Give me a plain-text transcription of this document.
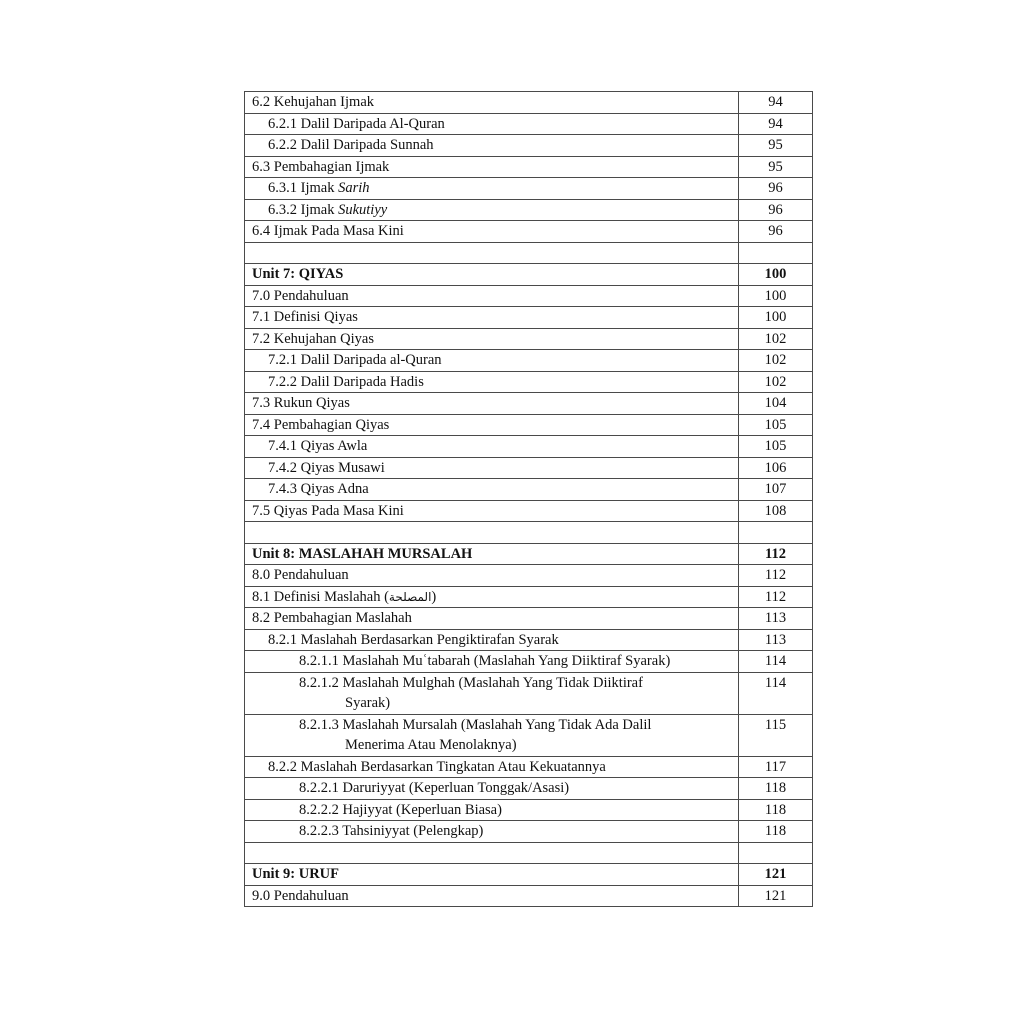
6.2 Kehujahan Ijmak	94
6.2.1 Dalil Daripada Al-Quran	94
6.2.2 Dalil Daripada Sunnah	95
6.3 Pembahagian Ijmak	95
6.3.1 Ijmak Sarih	96
6.3.2 Ijmak Sukutiyy	96
6.4 Ijmak Pada Masa Kini	96

Unit 7: QIYAS	100
7.0 Pendahuluan	100
7.1 Definisi Qiyas	100
7.2 Kehujahan Qiyas	102
7.2.1 Dalil Daripada al-Quran	102
7.2.2 Dalil Daripada Hadis	102
7.3 Rukun Qiyas	104
7.4 Pembahagian Qiyas	105
7.4.1 Qiyas Awla	105
7.4.2 Qiyas Musawi	106
7.4.3 Qiyas Adna	107
7.5 Qiyas Pada Masa Kini	108

Unit 8: MASLAHAH MURSALAH	112
8.0 Pendahuluan	112
8.1 Definisi Maslahah (المصلحة)	112
8.2 Pembahagian Maslahah	113
8.2.1 Maslahah Berdasarkan Pengiktirafan Syarak	113
8.2.1.1 Maslahah Muʿtabarah (Maslahah Yang Diiktiraf Syarak)	114
8.2.1.2 Maslahah Mulghah (Maslahah Yang Tidak Diiktiraf
Syarak)	114
8.2.1.3 Maslahah Mursalah (Maslahah Yang Tidak Ada Dalil
Menerima Atau Menolaknya)	115
8.2.2 Maslahah Berdasarkan Tingkatan Atau Kekuatannya	117
8.2.2.1 Daruriyyat (Keperluan Tonggak/Asasi)	118
8.2.2.2 Hajiyyat (Keperluan Biasa)	118
8.2.2.3 Tahsiniyyat (Pelengkap)	118

Unit 9: URUF	121
9.0 Pendahuluan	121
